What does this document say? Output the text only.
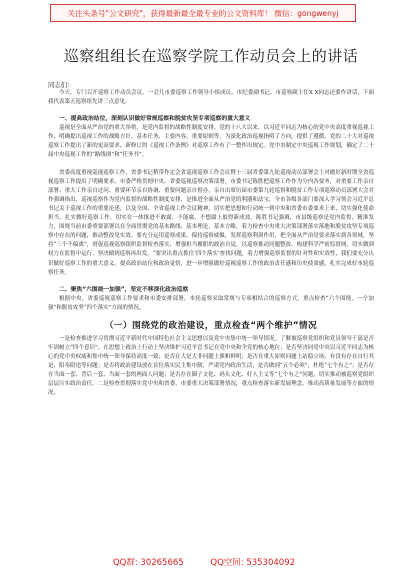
关注头条号"公文研究"，获得最新最全最专业的公文资料库！ 微信：gongwenyj
巡察组组长在巡察学院工作动员会上的讲话
同志们：

今天，专门召开巡察工作动员会议。一会儿市委巡察工作领导小组成员、市纪委副书记、市巡察副主任X X同志还要作讲话，下面我代表第五巡察组先讲三点意见。

一、提高政治站位，深刻认识做好常规巡察和脱贫攻坚专项巡察的重大意义

巡视是全面从严治党的重大举措，是党内监督的战略性制度安排。党的十八大以来，以习近平同志为核心的党中央高度重视巡视工作，明确提出巡视工作的战略方针、基本任务、主要内容、重要原则等，为深化政治巡视指明了方向，提供了遵循。党的二十大对巡视巡察工作提出了新的更高要求，新修订的《巡视工作条例》对巡察工作有了一整作出规定。党中央制定中央巡视工作规划，确定了二十届中央巡视工作的“路线图”和“任务书”。

省委高度重视巡视巡察工作，省委书记稍带作定会省巡视巡察工作会议暨十三届省委第九轮巡视动员部署会上对做好新时期全省巡视巡察工作提出了明确要求。市委严格贯彻中央、省委巡视巡察决策部署，市委书记陈胜把巡察工作作为分内各要务，对重要工作亲自部署、重大工作亲自过问、重要环节亲自协调、重要问题亲自督办，亲自出席历届市委第九轮巡察和脱贫工作专项巡察动员部署大会并作强调指出，巡视巡察作为党内监督的战略性制度安排，是推进全面从严治党的利器和法宝，全市各级各部门要深入学习领会习近平总书记关于巡视工作的重要论述，以及全国、全省巡视工作会议精神，切实把思想和行动统一到中央和省委市委要求上来，切实强化使命担当，扎实做好巡察工作，切实在一体推进不敢腐、不能腐、不想腐上取得新成效。陈胜书记强调，市县级巡察是党内监督，精准发力，围绕当前市委重要部署以在全面贯彻党的基本路线、基本理论、基本方略，着力检查中央重大决策部署落实落地和脱贫攻坚专项巡察中存在的问题，推动整改见实效。要充分运用巡察成果，保持巡察威慑，发挥巡察利剑作用，把全面从严治党要求落实到各领域，坚持“三个不偏离”，督促巡视巡察组织监督检查落实，增强担当履职的政治自觉，以巡察推动问题整改、构建科学严密监督网，切实做到权力在监督中运行、坚决做到巡察再出发。“要突出重点抓住‘四个落实’查找问题，着力增强巡察监督的针对性和实效性，我们要充分认识做好巡察工作的重大意义，提高政治站位和政治觉悟，进一步增强做好巡视巡察工作的政治责任感和历史使命感，扎实完成好本轮巡察任务。

二、聚焦“六围绕一加强”，坚定不移深化政治巡察

根据中央、省委巡视巡察工作要求和市委安排部署，本轮巡察采取常规与专项相结合的巡察方式，重点检查“六个围绕、一个加强”和脱贫攻坚“四个落实”方面的情况。

（一）围绕党的政治建设，重点检查“两个维护”情况

一是检查推进学习贯彻习近平新时代中国特色社会主义思想以及党中央集中统一领导情况。了解被巡察党组织和党员领导干部是否牢固树立“四个意识”，在思想上政治上行动上坚决维护习近平总书记在党中央和全党的核心地位；是否坚决同党中央以习近平同志为核心的党中央权威和集中统一领导保持高度一致；是否在大是大非问题上旗帜鲜明；是否在重大原则问题上站稳立场，有没有存在自行其是、阳奉阴违等问题；是否将政治建设放在首位落实民主集中制，严肃党内政治生活；是否做到“五个必须”，杜绝“七个有之”；是否存在当面一套、背后一套、当面一套的两面人问题；是否存在圈子文化、码头文化、好人主义等“七个有之”问题，切实推动被巡察党组织层层压实政治责任。二是检查贯彻落实党中央和省委、市委重大决策部署情况，重点检查落实新发展理念，推动高质量发展等方面的情况。

QQ群: 30265665	QQ空间: 535304092
